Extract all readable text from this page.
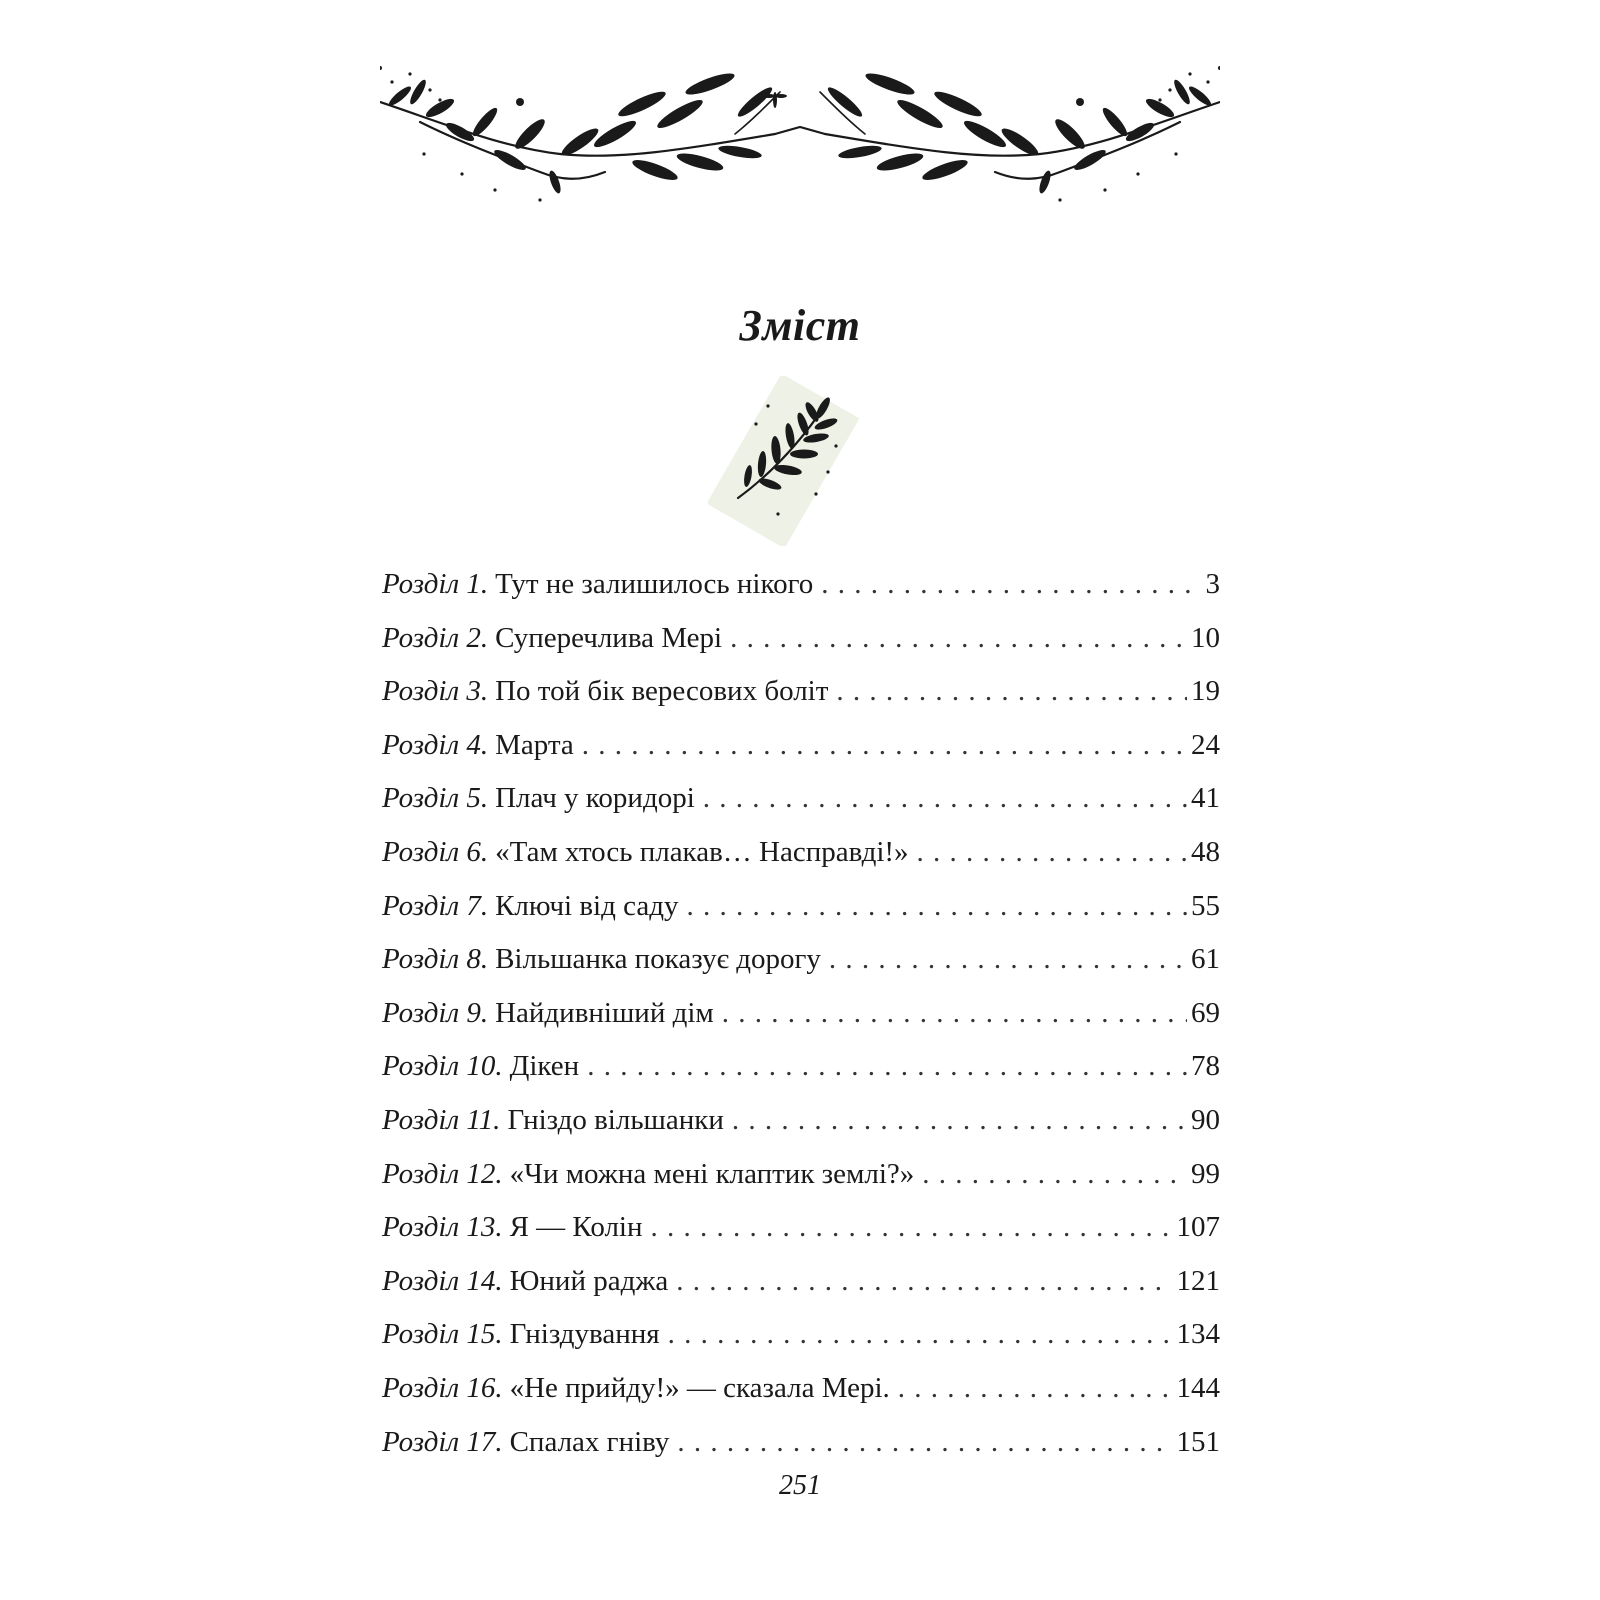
Зміст
Розділ 1. Тут не залишилось нікого . . .	3
Розділ 2. Суперечлива Мері . . .	10
Розділ 3. По той бік вересових боліт . . .	19
Розділ 4. Марта . . .	24
Розділ 5. Плач у коридорі . . .	41
Розділ 6. «Там хтось плакав… Насправді!» . . .	48
Розділ 7. Ключі від саду . . .	55
Розділ 8. Вільшанка показує дорогу . . .	61
Розділ 9. Найдивніший дім . . .	69
Розділ 10. Дікен . . .	78
Розділ 11. Гніздо вільшанки . . .	90
Розділ 12. «Чи можна мені клаптик землі?» . . .	99
Розділ 13. Я — Колін . . .	107
Розділ 14. Юний раджа . . .	121
Розділ 15. Гніздування . . .	134
Розділ 16. «Не прийду!» — сказала Мері. . . .	144
Розділ 17. Спалах гніву . . .	151
251
